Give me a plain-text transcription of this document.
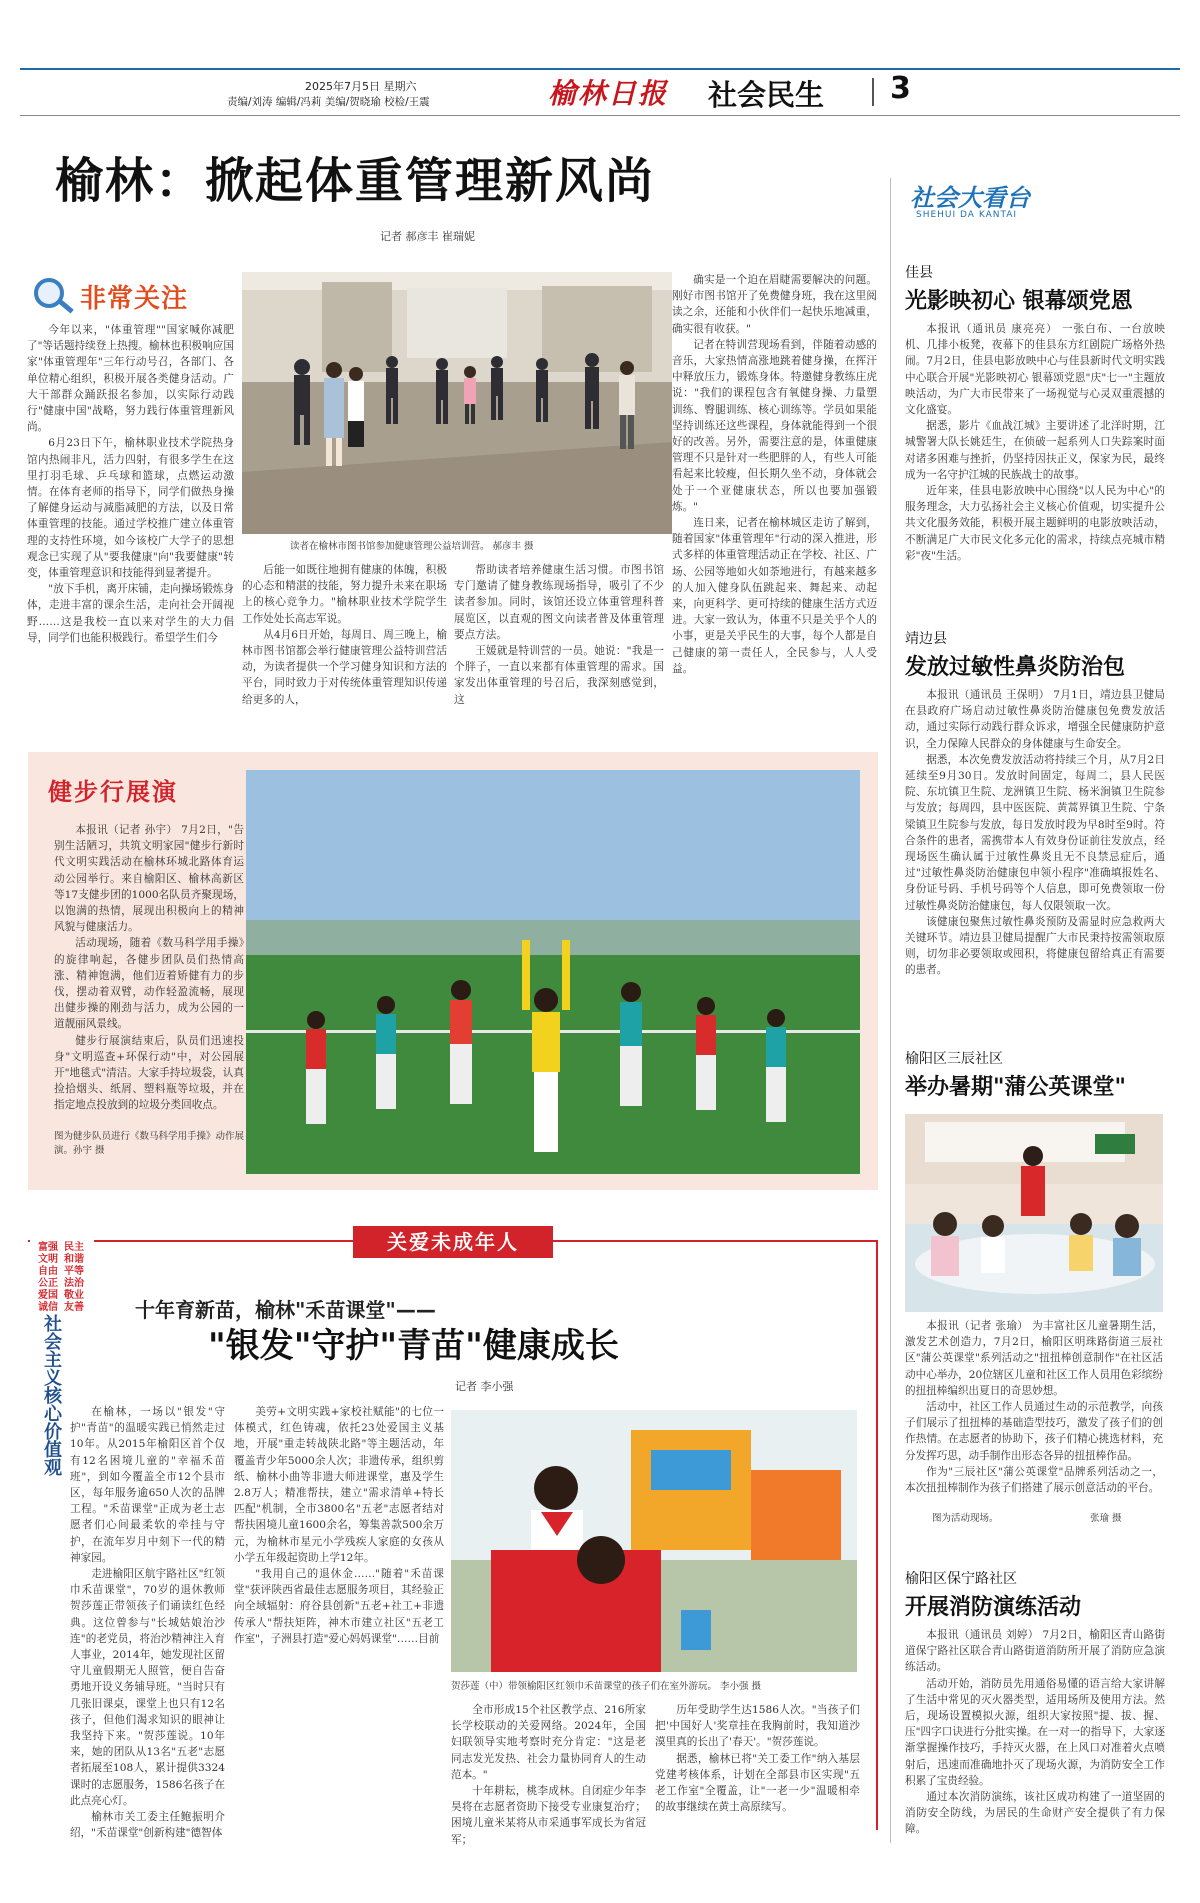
2025年7月5日 星期六
责编/刘涛 编辑/冯莉 美编/贺晓瑜 校检/王震	榆林日报 社会民生 3
榆林：掀起体重管理新风尚
记者 郝彦丰 崔瑞妮
非常关注
读者在榆林市图书馆参加健康管理公益培训营。 郝彦丰 摄

今年以来，"体重管理""国家喊你减肥了"等话题持续登上热搜。榆林也积极响应国家"体重管理年"三年行动号召，各部门、各单位精心组织，积极开展各类健身活动。广大干部群众踊跃报名参加，以实际行动践行"健康中国"战略，努力践行体重管理新风尚。

6月23日下午，榆林职业技术学院热身馆内热闹非凡，活力四射，有很多学生在这里打羽毛球、乒乓球和篮球，点燃运动激情。在体育老师的指导下，同学们做热身操了解健身运动与减脂减肥的方法，以及日常体重管理的技能。通过学校推广建立体重管理的支持性环境，如今该校广大学子的思想观念已实现了从"要我健康"向"我要健康"转变，体重管理意识和技能得到显著提升。

"放下手机，离开床铺，走向操场锻炼身体，走进丰富的课余生活，走向社会开阔视野……这是我校一直以来对学生的大力倡导，同学们也能积极践行。希望学生们今

后能一如既往地拥有健康的体魄，积极的心态和精湛的技能，努力提升未来在职场上的核心竞争力。"榆林职业技术学院学生工作处处长高志军说。

从4月6日开始，每周日、周三晚上，榆林市图书馆都会举行健康管理公益特训营活动，为读者提供一个学习健身知识和方法的平台，同时致力于对传统体重管理知识传递给更多的人，

帮助读者培养健康生活习惯。市图书馆专门邀请了健身教练现场指导，吸引了不少读者参加。同时，该馆还设立体重管理科普展览区，以直观的图文向读者普及体重管理要点方法。

王媛就是特训营的一员。她说："我是一个胖子，一直以来都有体重管理的需求。国家发出体重管理的号召后，我深刻感觉到，这

确实是一个迫在眉睫需要解决的问题。刚好市图书馆开了免费健身班，我在这里阅读之余，还能和小伙伴们一起快乐地减重，确实很有收获。"

记者在特训营现场看到，伴随着动感的音乐，大家热情高涨地跳着健身操，在挥汗中释放压力，锻炼身体。特邀健身教练庄虎说："我们的课程包含有氧健身操、力量塑训练、臀腿训练、核心训练等。学员如果能坚持训练还这些课程，身体就能得到一个很好的改善。另外，需要注意的是，体重健康管理不只是针对一些肥胖的人，有些人可能看起来比较瘦，但长期久坐不动，身体就会处于一个亚健康状态，所以也要加强锻炼。"

连日来，记者在榆林城区走访了解到，随着国家"体重管理年"行动的深入推进，形式多样的体重管理活动正在学校、社区、广场、公园等地如火如荼地进行，有越来越多的人加入健身队伍跳起来、舞起来、动起来，向更科学、更可持续的健康生活方式迈进。大家一致认为，体重不只是关乎个人的小事，更是关乎民生的大事，每个人都是自己健康的第一责任人，全民参与，人人受益。

社会大看台
SHEHUI DA KANTAI
佳县
光影映初心 银幕颂党恩

本报讯（通讯员 康亮亮） 一张白布、一台放映机、几排小板凳，夜幕下的佳县东方红剧院广场格外热闹。7月2日，佳县电影放映中心与佳县新时代文明实践中心联合开展"光影映初心 银幕颂党恩"庆"七一"主题放映活动，为广大市民带来了一场视觉与心灵双重震撼的文化盛宴。

据悉，影片《血战江城》主要讲述了北洋时期，江城警署大队长姚廷生，在侦破一起系列人口失踪案时面对诸多困难与挫折，仍坚持因扶正义，保家为民，最终成为一名守护江城的民族战士的故事。

近年来，佳县电影放映中心围绕"以人民为中心"的服务理念，大力弘扬社会主义核心价值观，切实提升公共文化服务效能，积极开展主题鲜明的电影放映活动，不断满足广大市民文化多元化的需求，持续点亮城市精彩"夜"生活。

靖边县
发放过敏性鼻炎防治包

本报讯（通讯员 王保明） 7月1日，靖边县卫健局在县政府广场启动过敏性鼻炎防治健康包免费发放活动，通过实际行动践行群众诉求，增强全民健康防护意识，全力保障人民群众的身体健康与生命安全。

据悉，本次免费发放活动将持续三个月，从7月2日延续至9月30日。发放时间固定，每周二，县人民医院、东坑镇卫生院、龙洲镇卫生院、杨米涧镇卫生院参与发放；每周四，县中医医院、黄蒿界镇卫生院、宁条梁镇卫生院参与发放，每日发放时段为早8时至9时。符合条件的患者，需携带本人有效身份证前往发放点，经现场医生确认属于过敏性鼻炎且无不良禁忌症后，通过"过敏性鼻炎防治健康包申领小程序"准确填报姓名、身份证号码、手机号码等个人信息，即可免费领取一份过敏性鼻炎防治健康包，每人仅限领取一次。

该健康包聚焦过敏性鼻炎预防及需显时应急救两大关键环节。靖边县卫健局提醒广大市民秉持按需领取原则，切勿非必要领取或囤积，将健康包留给真正有需要的患者。

榆阳区三辰社区
举办暑期"蒲公英课堂"

本报讯（记者 张瑜） 为丰富社区儿童暑期生活，激发艺术创造力，7月2日，榆阳区明珠路街道三辰社区"蒲公英课堂"系列活动之"扭扭棒创意制作"在社区活动中心举办，20位辖区儿童和社区工作人员用色彩缤纷的扭扭棒编织出夏日的奇思妙想。

活动中，社区工作人员通过生动的示范教学，向孩子们展示了扭扭棒的基础造型技巧，激发了孩子们的创作热情。在志愿者的协助下，孩子们精心挑选材料，充分发挥巧思，动手制作出形态各异的扭扭棒作品。

作为"三辰社区"蒲公英课堂"品牌系列活动之一，本次扭扭棒制作为孩子们搭建了展示创意活动的平台。

图为活动现场。	张瑜 摄
榆阳区保宁路社区
开展消防演练活动

本报讯（通讯员 刘婷） 7月2日，榆阳区青山路街道保宁路社区联合青山路街道消防所开展了消防应急演练活动。

活动开始，消防员先用通俗易懂的语言给大家讲解了生活中常见的灭火器类型，适用场所及使用方法。然后，现场设置模拟火源，组织大家按照"提、拔、握、压"四字口诀进行分批实操。在一对一的指导下，大家逐渐掌握操作技巧，手持灭火器，在上风口对准着火点喷射后，迅速而准确地扑灭了现场火源，为消防安全工作积累了宝贵经验。

通过本次消防演练，该社区成功构建了一道坚固的消防安全防线，为居民的生命财产安全提供了有力保障。

健步行展演

本报讯（记者 孙宇） 7月2日，"告别生活陋习，共筑文明家园"健步行新时代文明实践活动在榆林环城北路体育运动公园举行。来自榆阳区、榆林高新区等17支健步团的1000名队员齐聚现场，以饱满的热情，展现出积极向上的精神风貌与健康活力。

活动现场，随着《数马科学用手操》的旋律响起，各健步团队员们热情高涨、精神饱满，他们迈着矫健有力的步伐，摆动着双臂，动作轻盈流畅，展现出健步操的刚劲与活力，成为公园的一道靓丽风景线。

健步行展演结束后，队员们迅速投身"文明巡查+环保行动"中，对公园展开"地毯式"清洁。大家手持垃圾袋，认真捡拾烟头、纸屑、塑料瓶等垃圾，并在指定地点投放到的垃圾分类回收点。

图为健步队员进行《数马科学用手操》动作展演。孙宇 摄
关爱未成年人
富强 民主
文明 和谐
自由 平等
公正 法治
爱国 敬业
诚信 友善
社会主义核心价值观
十年育新苗，榆林"禾苗课堂"——
"银发"守护"青苗"健康成长
记者 李小强

在榆林，一场以"银发"守护"青苗"的温暖实践已悄然走过10年。从2015年榆阳区首个仅有12名困境儿童的"幸福禾苗班"，到如今覆盖全市12个县市区，每年服务逾650人次的品牌工程。"禾苗课堂"正成为老土志愿者们心间最柔软的牵挂与守护，在流年岁月中刻下一代的精神家园。

走进榆阳区航宇路社区"红领巾禾苗课堂"，70岁的退休教师贺莎莲正带领孩子们诵读红色经典。这位曾参与"长城姑娘治沙连"的老党员，将治沙精神注入育人事业，2014年，她发现社区留守儿童假期无人照管，便自告奋勇地开设义务辅导班。"当时只有几张旧课桌，课堂上也只有12名孩子，但他们渴求知识的眼神让我坚持下来。"贺莎莲说。10年来，她的团队从13名"五老"志愿者拓展至108人，累计提供3324课时的志愿服务，1586名孩子在此点亮心灯。

榆林市关工委主任鲍振明介绍，"禾苗课堂"创新构建"德智体

美劳+文明实践+家校社赋能"的七位一体模式，红色铸魂，依托23处爱国主义基地，开展"重走转战陕北路"等主题活动，年覆盖青少年5000余人次；非遗传承，组织剪纸、榆林小曲等非遗大师进课堂，惠及学生2.8万人；精准帮扶，建立"需求清单+特长匹配"机制，全市3800名"五老"志愿者结对帮扶困境儿童1600余名，筹集善款500余万元，为榆林市星元小学残疾人家庭的女孩从小学五年级起资助上学12年。

"我用自己的退休金……"随着"禾苗课堂"获评陕西省最佳志愿服务项目，其经验正向全域辐射：府谷县创新"五老+社工+非遗传承人"帮扶矩阵，神木市建立社区"五老工作室"，子洲县打造"爱心妈妈课堂"……目前

贺莎莲（中）带领榆阳区红领巾禾苗课堂的孩子们在室外游玩。 李小强 摄

全市形成15个社区教学点、216所家长学校联动的关爱网络。2024年，全国妇联领导实地考察时充分肯定："这是老同志发光发热、社会力量协同育人的生动范本。"

十年耕耘，桃李成林。自闭症少年李昊将在志愿者资助下接受专业康复治疗；困境儿童米某将从市采通事军成长为省冠军；

历年受助学生达1586人次。"当孩子们把'中国好人'奖章挂在我胸前时，我知道沙漠里真的长出了'春天'。"贺莎莲说。

据悉，榆林已将"关工委工作"纳入基层党建考核体系，计划在全部县市区实现"五老工作室"全覆盖，让"一老一少"温暖相牵的故事继续在黄土高原续写。
